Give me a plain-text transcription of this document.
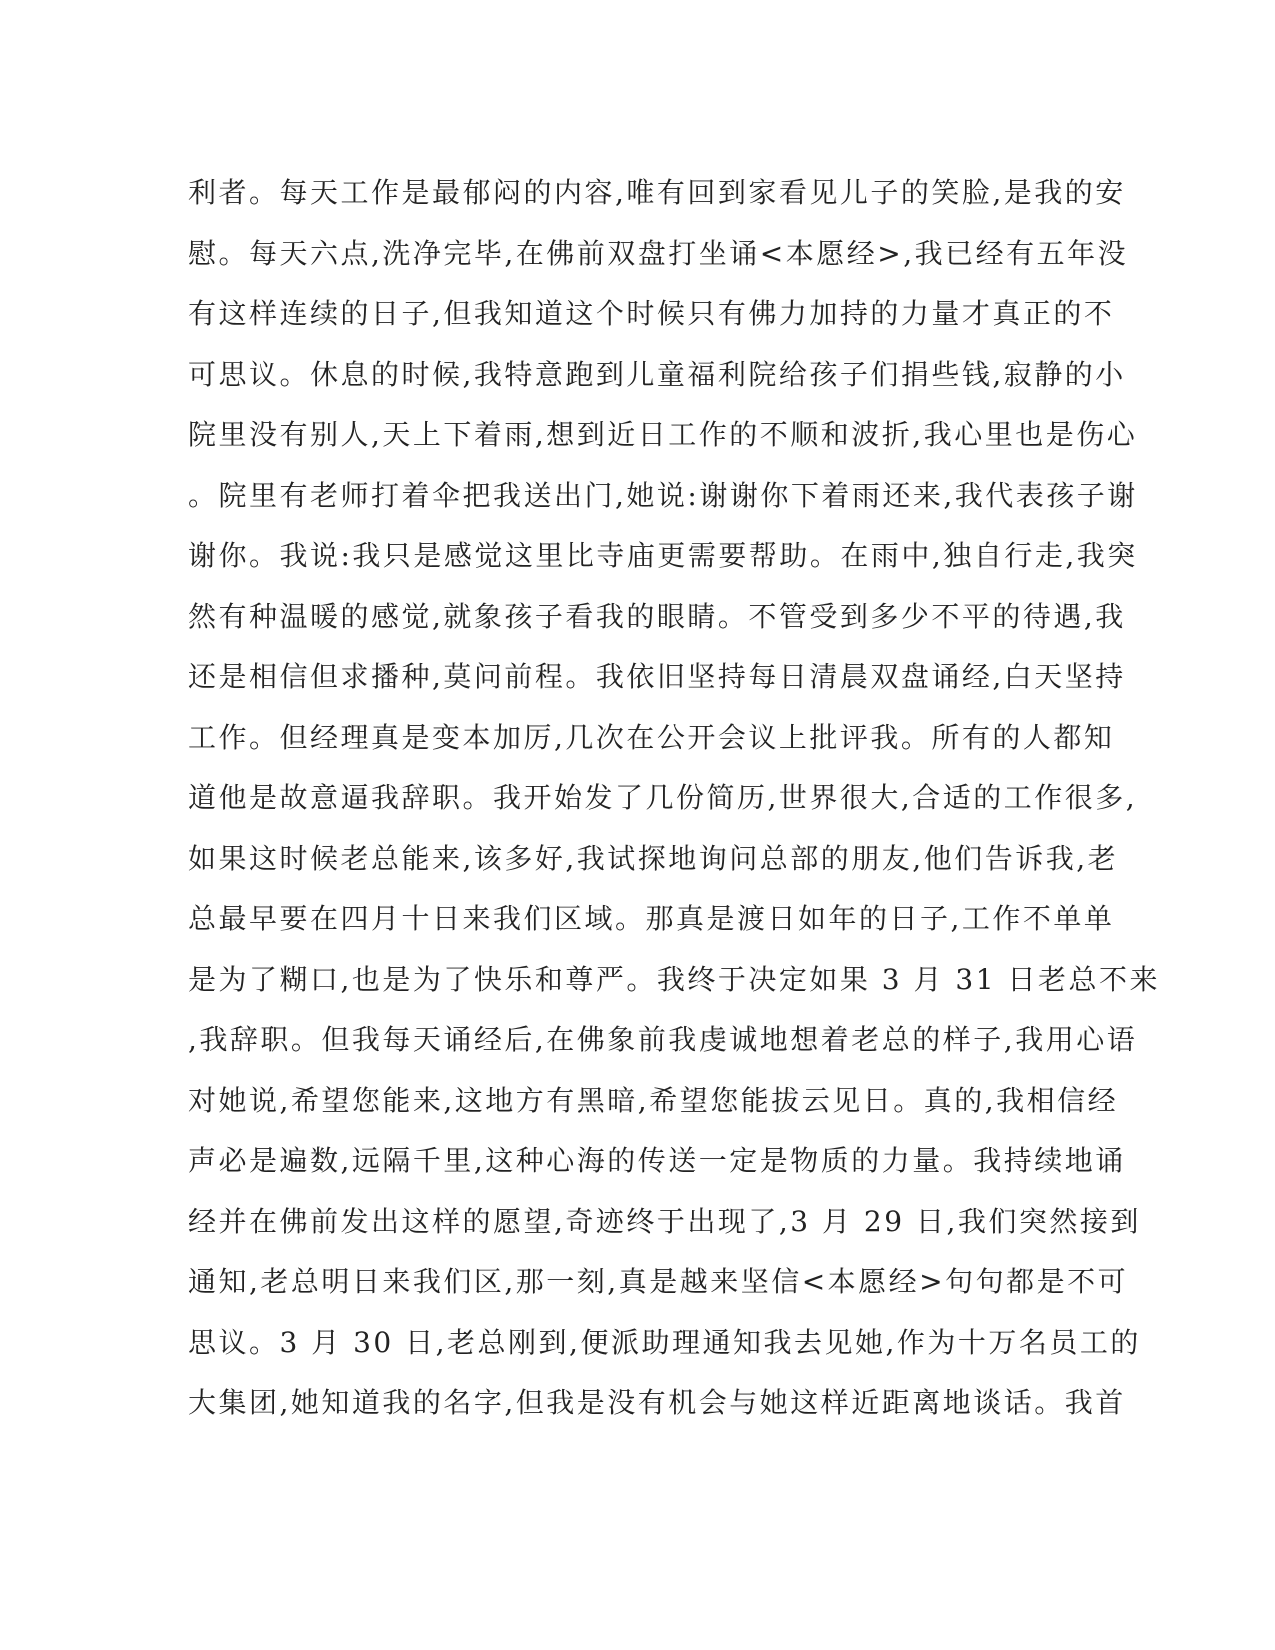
利者。每天工作是最郁闷的内容,唯有回到家看见儿子的笑脸,是我的安
慰。每天六点,洗净完毕,在佛前双盘打坐诵<本愿经>,我已经有五年没
有这样连续的日子,但我知道这个时候只有佛力加持的力量才真正的不
可思议。休息的时候,我特意跑到儿童福利院给孩子们捐些钱,寂静的小
院里没有别人,天上下着雨,想到近日工作的不顺和波折,我心里也是伤心
。院里有老师打着伞把我送出门,她说:谢谢你下着雨还来,我代表孩子谢
谢你。我说:我只是感觉这里比寺庙更需要帮助。在雨中,独自行走,我突
然有种温暖的感觉,就象孩子看我的眼睛。不管受到多少不平的待遇,我
还是相信但求播种,莫问前程。我依旧坚持每日清晨双盘诵经,白天坚持
工作。但经理真是变本加厉,几次在公开会议上批评我。所有的人都知
道他是故意逼我辞职。我开始发了几份简历,世界很大,合适的工作很多,
如果这时候老总能来,该多好,我试探地询问总部的朋友,他们告诉我,老
总最早要在四月十日来我们区域。那真是渡日如年的日子,工作不单单
是为了糊口,也是为了快乐和尊严。我终于决定如果 3 月 31 日老总不来
,我辞职。但我每天诵经后,在佛象前我虔诚地想着老总的样子,我用心语
对她说,希望您能来,这地方有黑暗,希望您能拔云见日。真的,我相信经
声必是遍数,远隔千里,这种心海的传送一定是物质的力量。我持续地诵
经并在佛前发出这样的愿望,奇迹终于出现了,3 月 29 日,我们突然接到
通知,老总明日来我们区,那一刻,真是越来坚信<本愿经>句句都是不可
思议。3 月 30 日,老总刚到,便派助理通知我去见她,作为十万名员工的
大集团,她知道我的名字,但我是没有机会与她这样近距离地谈话。我首
